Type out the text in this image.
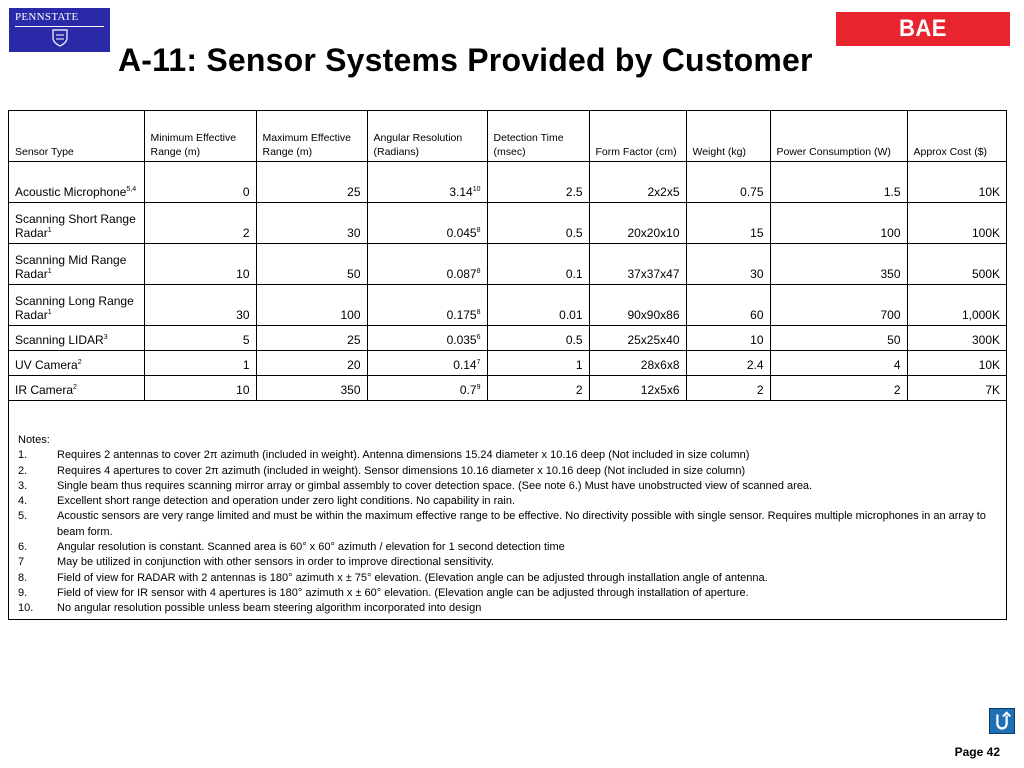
PENNSTATE	BAE SYSTEMS
A-11: Sensor Systems Provided by Customer
Sensor Type	Minimum Effective Range (m)	Maximum Effective Range (m)	Angular Resolution (Radians)	Detection Time (msec)	Form Factor (cm)	Weight (kg)	Power Consumption (W)	Approx Cost ($)
Acoustic Microphone$^{5,4}$	0	25	3.14$^{10}$	2.5	2x2x5	0.75	1.5	10K
Scanning Short Range Radar$^1$	2	30	0.045$^8$	0.5	20x20x10	15	100	100K
Scanning Mid Range Radar$^1$	10	50	0.087$^8$	0.1	37x37x47	30	350	500K
Scanning Long Range Radar$^1$	30	100	0.175$^8$	0.01	90x90x86	60	700	1,000K
Scanning LIDAR$^3$	5	25	0.035$^6$	0.5	25x25x40	10	50	300K
UV Camera$^2$	1	20	0.14$^7$	1	28x6x8	2.4	4	10K
IR Camera$^2$	10	350	$0.7^9$	2	12x5x6	2	2	7K

Notes:

1.	Requires 2 antennas to cover 2π azimuth (included in weight). Antenna dimensions 15.24 diameter x 10.16 deep (Not included in size column)
2.	Requires 4 apertures to cover 2π azimuth (included in weight). Sensor dimensions 10.16 diameter x 10.16 deep (Not included in size column)
3.	Single beam thus requires scanning mirror array or gimbal assembly to cover detection space. (See note 6.) Must have unobstructed view of scanned area.
4.	Excellent short range detection and operation under zero light conditions. No capability in rain.
5.	Acoustic sensors are very range limited and must be within the maximum effective range to be effective. No directivity possible with single sensor. Requires multiple microphones in an array to beam form.
6.	Angular resolution is constant. Scanned area is 60° x 60° azimuth / elevation for 1 second detection time
7	May be utilized in conjunction with other sensors in order to improve directional sensitivity.
8.	Field of view for RADAR with 2 antennas is 180° azimuth x ± 75° elevation. (Elevation angle can be adjusted through installation angle of antenna.
9.	Field of view for IR sensor with 4 apertures is 180° azimuth x ± 60° elevation. (Elevation angle can be adjusted through installation of aperture.
10.	No angular resolution possible unless beam steering algorithm incorporated into design
Page 42
